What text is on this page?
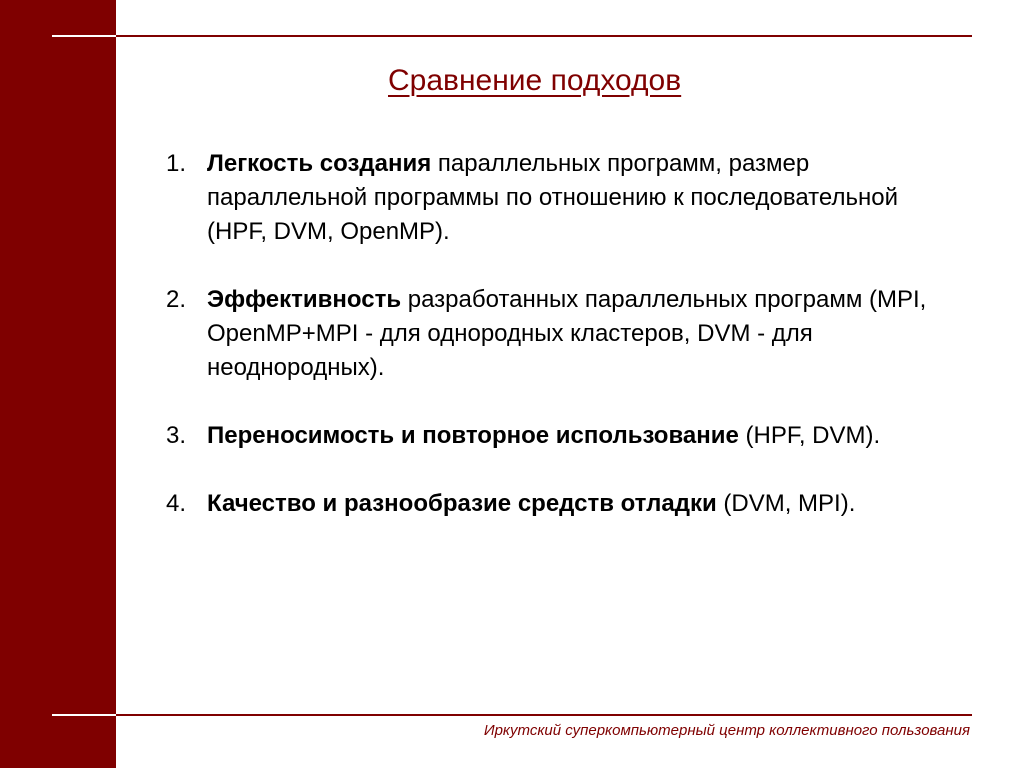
Сравнение подходов
1. Легкость создания параллельных программ, размер параллельной программы по отношению к последовательной (HPF, DVM, OpenMP).
2. Эффективность разработанных параллельных программ (MPI, OpenMP+MPI - для однородных кластеров, DVM - для неоднородных).
3. Переносимость и повторное использование (HPF, DVM).
4. Качество и разнообразие средств отладки (DVM, MPI).
Иркутский суперкомпьютерный центр коллективного пользования
